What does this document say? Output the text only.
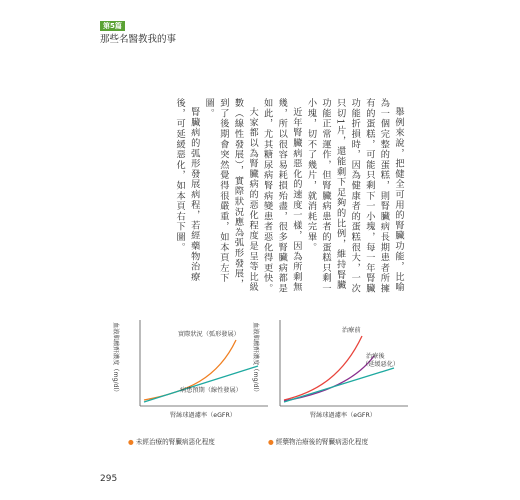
第5篇
那些名醫教我的事

舉例來說，把健全可用的腎臟功能，比喻為一個完整的蛋糕，則腎臟病長期患者所擁有的蛋糕，可能只剩下一小塊，每一年腎臟功能折損時，因為健康者的蛋糕很大，一次只切1片，還能剩下足夠的比例，維持腎臟功能正常運作，但腎臟病患者的蛋糕只剩一小塊，切不了幾片，就消耗完畢。

近年腎臟病惡化的速度一樣，因為所剩無幾，所以很容易耗損殆盡，很多腎臟病都是如此，尤其糖尿病腎病變患者惡化得更快。

大家都以為腎臟病的惡化程度是呈等比級數（線性發展），實際狀況應為弧形發展，到了後期會突然覺得很嚴重，如本頁左下圖。

腎臟病的弧形發展病程，若經藥物治療後，可延緩惡化，如本頁右下圖。

血液肌酸酐濃度（mg/dl）	實際狀況（弧形發展）
病患預期（線性發展）
腎絲球過濾率（eGFR）
● 未經治療的腎臟病惡化程度
血液肌酸酐濃度（mg/dl）	治療前
治療後
（延緩惡化）
腎絲球過濾率（eGFR）
● 經藥物治療後的腎臟病惡化程度
295
